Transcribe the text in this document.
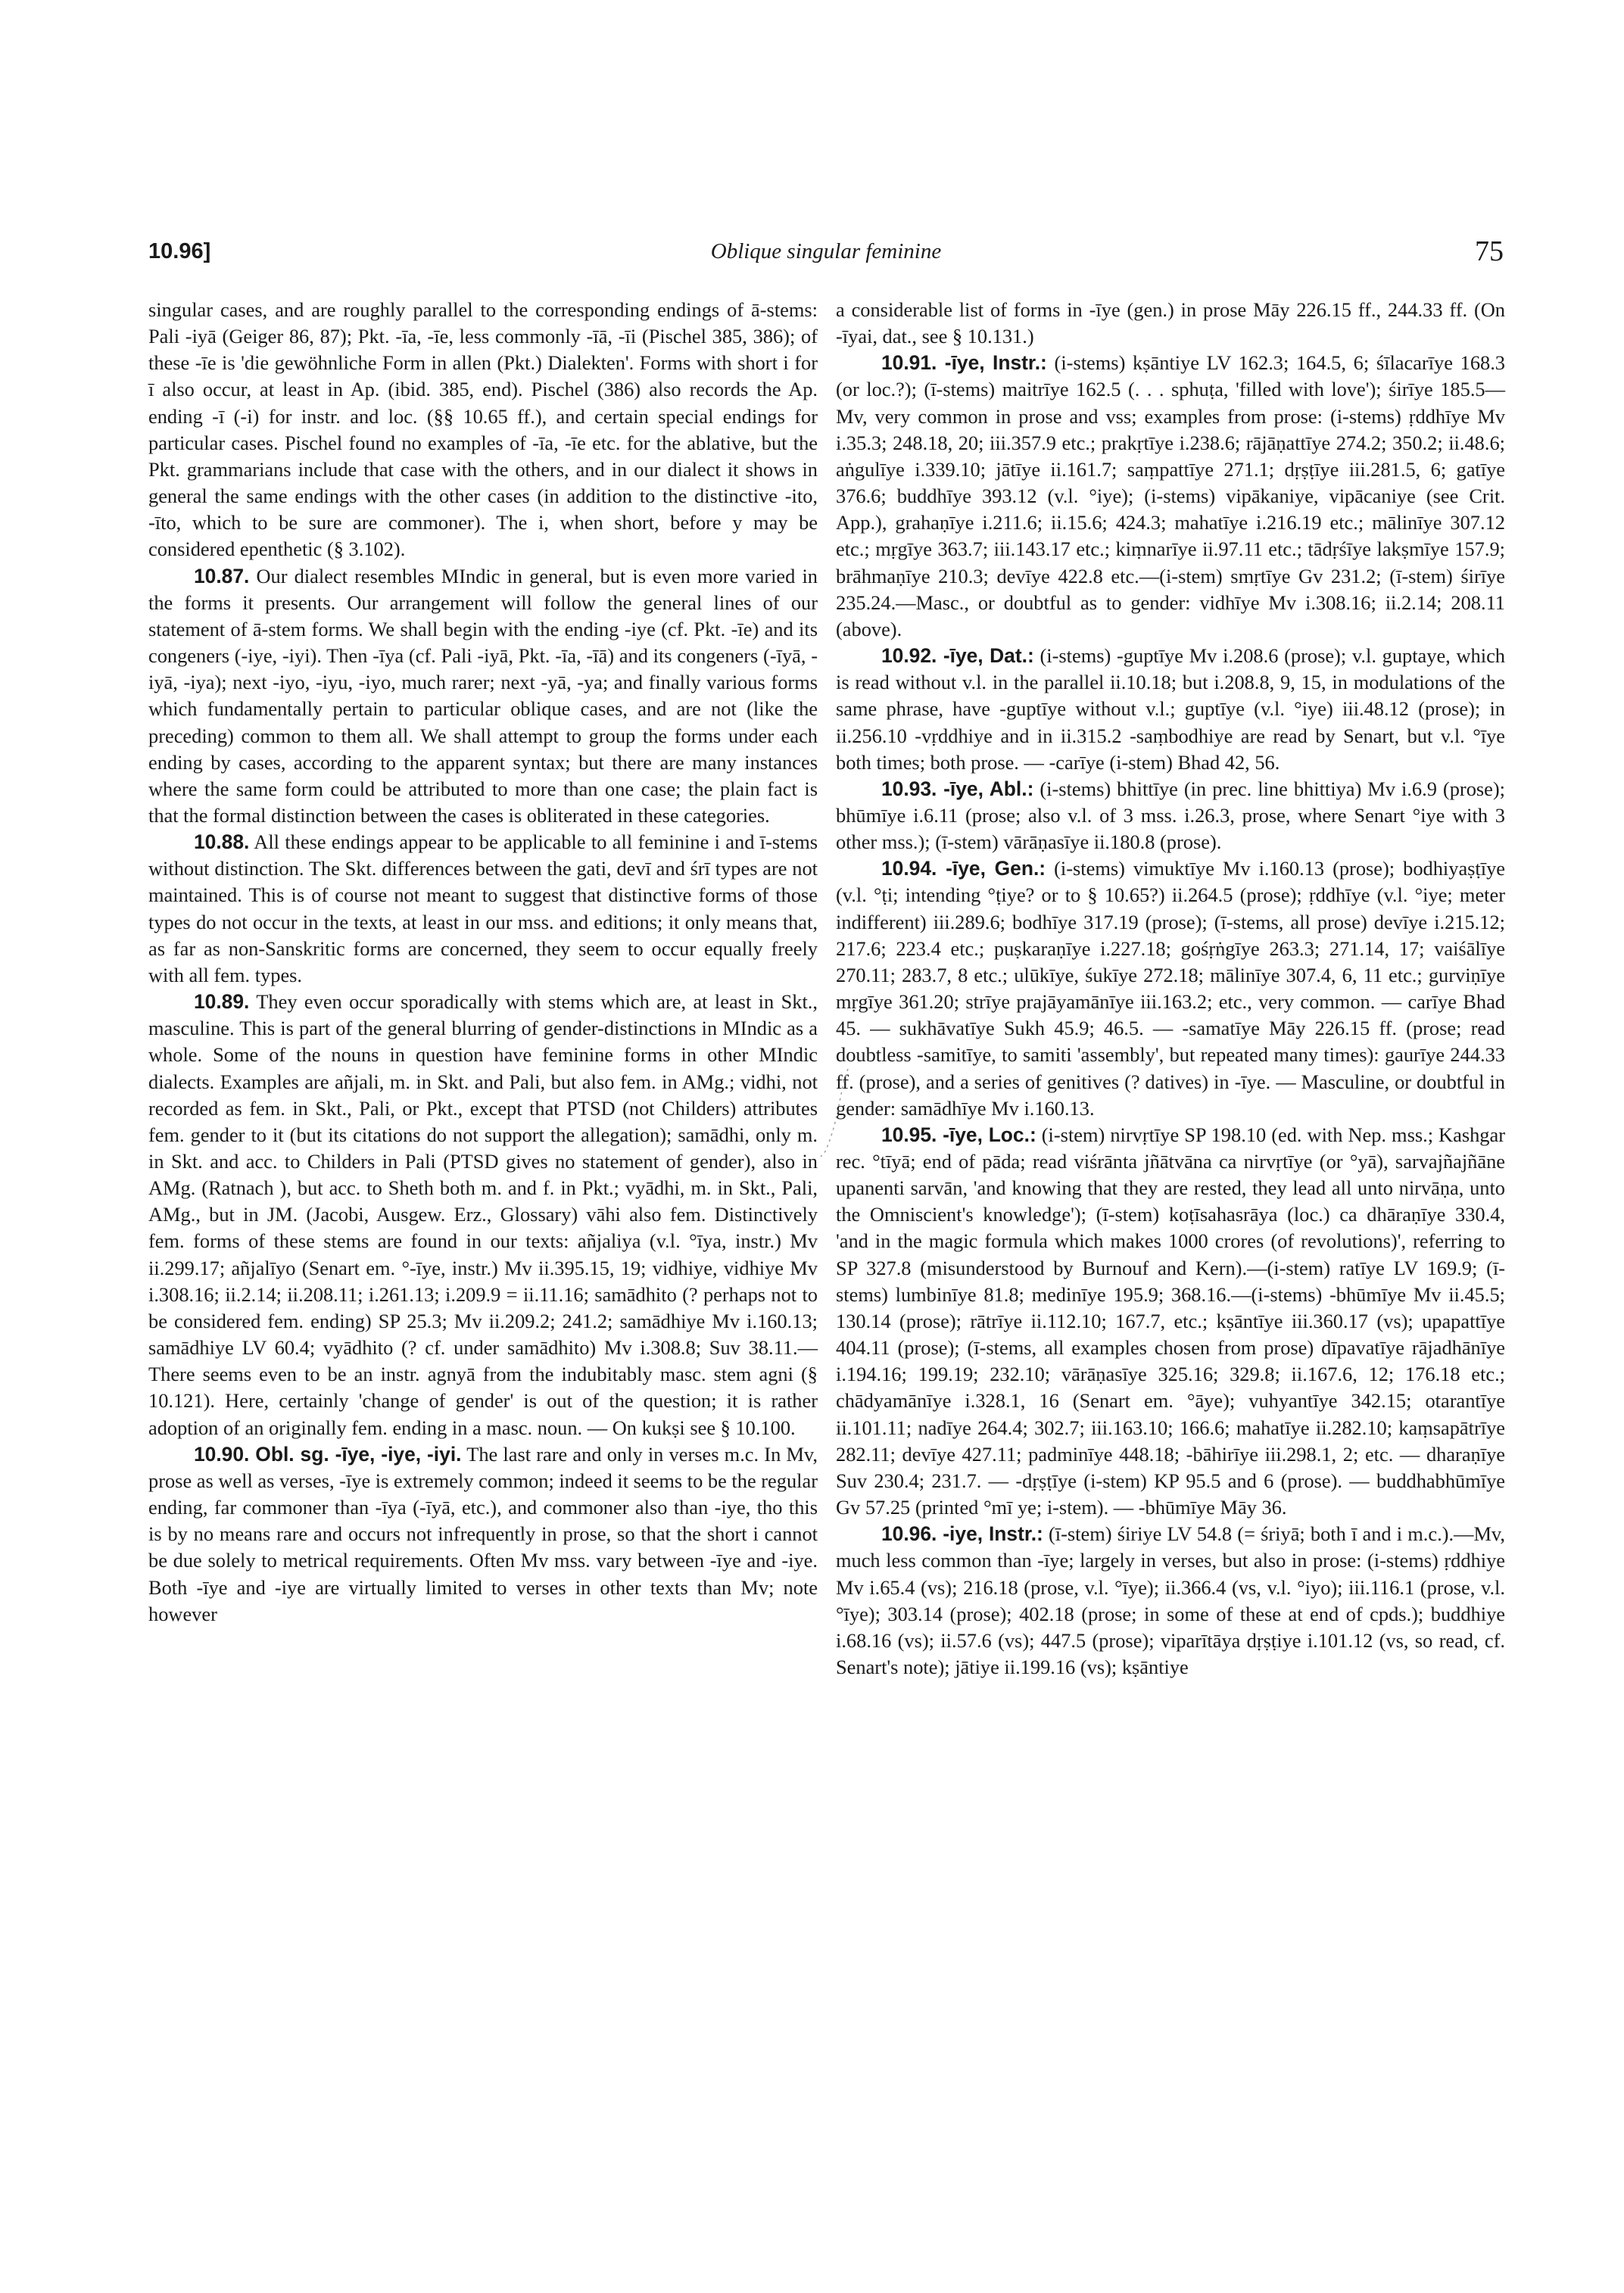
10.96]	Oblique singular feminine	75

singular cases, and are roughly parallel to the corresponding endings of ā-stems: Pali -iyā (Geiger 86, 87); Pkt. -īa, -īe, less commonly -īā, -īi (Pischel 385, 386); of these -īe is 'die gewöhnliche Form in allen (Pkt.) Dialekten'. Forms with short i for ī also occur, at least in Ap. (ibid. 385, end). Pischel (386) also records the Ap. ending -ī (-i) for instr. and loc. (§§ 10.65 ff.), and certain special endings for particular cases. Pischel found no examples of -īa, -īe etc. for the ablative, but the Pkt. grammarians include that case with the others, and in our dialect it shows in general the same endings with the other cases (in addition to the distinctive -ito, -īto, which to be sure are commoner). The i, when short, before y may be considered epenthetic (§ 3.102).

10.87. Our dialect resembles MIndic in general, but is even more varied in the forms it presents. Our arrangement will follow the general lines of our statement of ā-stem forms. We shall begin with the ending -iye (cf. Pkt. -īe) and its congeners (-iye, -iyi). Then -īya (cf. Pali -iyā, Pkt. -īa, -īā) and its congeners (-īyā, -iyā, -iya); next -iyo, -iyu, -iyo, much rarer; next -yā, -ya; and finally various forms which fundamentally pertain to particular oblique cases, and are not (like the preceding) common to them all. We shall attempt to group the forms under each ending by cases, according to the apparent syntax; but there are many instances where the same form could be attributed to more than one case; the plain fact is that the formal distinction between the cases is obliterated in these categories.

10.88. All these endings appear to be applicable to all feminine i and ī-stems without distinction. The Skt. differences between the gati, devī and śrī types are not maintained. This is of course not meant to suggest that distinctive forms of those types do not occur in the texts, at least in our mss. and editions; it only means that, as far as non-Sanskritic forms are concerned, they seem to occur equally freely with all fem. types.

10.89. They even occur sporadically with stems which are, at least in Skt., masculine. This is part of the general blurring of gender-distinctions in MIndic as a whole. Some of the nouns in question have feminine forms in other MIndic dialects. Examples are añjali, m. in Skt. and Pali, but also fem. in AMg.; vidhi, not recorded as fem. in Skt., Pali, or Pkt., except that PTSD (not Childers) attributes fem. gender to it (but its citations do not support the allegation); samādhi, only m. in Skt. and acc. to Childers in Pali (PTSD gives no statement of gender), also in AMg. (Ratnach ), but acc. to Sheth both m. and f. in Pkt.; vyādhi, m. in Skt., Pali, AMg., but in JM. (Jacobi, Ausgew. Erz., Glossary) vāhi also fem. Distinctively fem. forms of these stems are found in our texts: añjaliya (v.l. °īya, instr.) Mv ii.299.17; añjalīyo (Senart em. °-īye, instr.) Mv ii.395.15, 19; vidhiye, vidhiye Mv i.308.16; ii.2.14; ii.208.11; i.261.13; i.209.9 = ii.11.16; samādhito (? perhaps not to be considered fem. ending) SP 25.3; Mv ii.209.2; 241.2; samādhiye Mv i.160.13; samādhiye LV 60.4; vyādhito (? cf. under samādhito) Mv i.308.8; Suv 38.11.—There seems even to be an instr. agnyā from the indubitably masc. stem agni (§ 10.121). Here, certainly 'change of gender' is out of the question; it is rather adoption of an originally fem. ending in a masc. noun. — On kukṣi see § 10.100.

10.90. Obl. sg. -īye, -iye, -iyi. The last rare and only in verses m.c. In Mv, prose as well as verses, -īye is extremely common; indeed it seems to be the regular ending, far commoner than -īya (-īyā, etc.), and commoner also than -iye, tho this is by no means rare and occurs not infrequently in prose, so that the short i cannot be due solely to metrical requirements. Often Mv mss. vary between -īye and -iye. Both -īye and -iye are virtually limited to verses in other texts than Mv; note however

a considerable list of forms in -īye (gen.) in prose Māy 226.15 ff., 244.33 ff. (On -īyai, dat., see § 10.131.)

10.91. -īye, Instr.: (i-stems) kṣāntiye LV 162.3; 164.5, 6; śīlacarīye 168.3 (or loc.?); (ī-stems) maitrīye 162.5 (. . . sphuṭa, 'filled with love'); śirīye 185.5—Mv, very common in prose and vss; examples from prose: (i-stems) ṛddhīye Mv i.35.3; 248.18, 20; iii.357.9 etc.; prakṛtīye i.238.6; rājāṇattīye 274.2; 350.2; ii.48.6; aṅgulīye i.339.10; jātīye ii.161.7; saṃpattīye 271.1; dṛṣṭīye iii.281.5, 6; gatīye 376.6; buddhīye 393.12 (v.l. °iye); (i-stems) vipākaniye, vipācaniye (see Crit. App.), grahaṇīye i.211.6; ii.15.6; 424.3; mahatīye i.216.19 etc.; mālinīye 307.12 etc.; mṛgīye 363.7; iii.143.17 etc.; kiṃnarīye ii.97.11 etc.; tādṛśīye lakṣmīye 157.9; brāhmaṇīye 210.3; devīye 422.8 etc.—(i-stem) smṛtīye Gv 231.2; (ī-stem) śirīye 235.24.—Masc., or doubtful as to gender: vidhīye Mv i.308.16; ii.2.14; 208.11 (above).

10.92. -īye, Dat.: (i-stems) -guptīye Mv i.208.6 (prose); v.l. guptaye, which is read without v.l. in the parallel ii.10.18; but i.208.8, 9, 15, in modulations of the same phrase, have -guptīye without v.l.; guptīye (v.l. °iye) iii.48.12 (prose); in ii.256.10 -vṛddhiye and in ii.315.2 -saṃbodhiye are read by Senart, but v.l. °īye both times; both prose. — -carīye (i-stem) Bhad 42, 56.

10.93. -īye, Abl.: (i-stems) bhittīye (in prec. line bhittiya) Mv i.6.9 (prose); bhūmīye i.6.11 (prose; also v.l. of 3 mss. i.26.3, prose, where Senart °iye with 3 other mss.); (ī-stem) vārāṇasīye ii.180.8 (prose).

10.94. -īye, Gen.: (i-stems) vimuktīye Mv i.160.13 (prose); bodhiyaṣṭīye (v.l. °ṭi; intending °ṭiye? or to § 10.65?) ii.264.5 (prose); ṛddhīye (v.l. °iye; meter indifferent) iii.289.6; bodhīye 317.19 (prose); (ī-stems, all prose) devīye i.215.12; 217.6; 223.4 etc.; puṣkaraṇīye i.227.18; gośṛṅgīye 263.3; 271.14, 17; vaiśālīye 270.11; 283.7, 8 etc.; ulūkīye, śukīye 272.18; mālinīye 307.4, 6, 11 etc.; gurviṇīye mṛgīye 361.20; strīye prajāyamānīye iii.163.2; etc., very common. — carīye Bhad 45. — sukhāvatīye Sukh 45.9; 46.5. — -samatīye Māy 226.15 ff. (prose; read doubtless -samitīye, to samiti 'assembly', but repeated many times): gaurīye 244.33 ff. (prose), and a series of genitives (? datives) in -īye. — Masculine, or doubtful in gender: samādhīye Mv i.160.13.

10.95. -īye, Loc.: (i-stem) nirvṛtīye SP 198.10 (ed. with Nep. mss.; Kashgar rec. °tīyā; end of pāda; read viśrānta jñātvāna ca nirvṛtīye (or °yā), sarvajñajñāne upanenti sarvān, 'and knowing that they are rested, they lead all unto nirvāṇa, unto the Omniscient's knowledge'); (ī-stem) koṭīsahasrāya (loc.) ca dhāraṇīye 330.4, 'and in the magic formula which makes 1000 crores (of revolutions)', referring to SP 327.8 (misunderstood by Burnouf and Kern).—(i-stem) ratīye LV 169.9; (ī-stems) lumbinīye 81.8; medinīye 195.9; 368.16.—(i-stems) -bhūmīye Mv ii.45.5; 130.14 (prose); rātrīye ii.112.10; 167.7, etc.; kṣāntīye iii.360.17 (vs); upapattīye 404.11 (prose); (ī-stems, all examples chosen from prose) dīpavatīye rājadhānīye i.194.16; 199.19; 232.10; vārāṇasīye 325.16; 329.8; ii.167.6, 12; 176.18 etc.; chādyamānīye i.328.1, 16 (Senart em. °āye); vuhyantīye 342.15; otarantīye ii.101.11; nadīye 264.4; 302.7; iii.163.10; 166.6; mahatīye ii.282.10; kaṃsapātrīye 282.11; devīye 427.11; padminīye 448.18; -bāhirīye iii.298.1, 2; etc. — dharaṇīye Suv 230.4; 231.7. — -dṛṣṭīye (i-stem) KP 95.5 and 6 (prose). — buddhabhūmīye Gv 57.25 (printed °mī ye; i-stem). — -bhūmīye Māy 36.

10.96. -iye, Instr.: (ī-stem) śiriye LV 54.8 (= śriyā; both ī and i m.c.).—Mv, much less common than -īye; largely in verses, but also in prose: (i-stems) ṛddhiye Mv i.65.4 (vs); 216.18 (prose, v.l. °īye); ii.366.4 (vs, v.l. °iyo); iii.116.1 (prose, v.l. °īye); 303.14 (prose); 402.18 (prose; in some of these at end of cpds.); buddhiye i.68.16 (vs); ii.57.6 (vs); 447.5 (prose); viparītāya dṛṣṭiye i.101.12 (vs, so read, cf. Senart's note); jātiye ii.199.16 (vs); kṣāntiye
